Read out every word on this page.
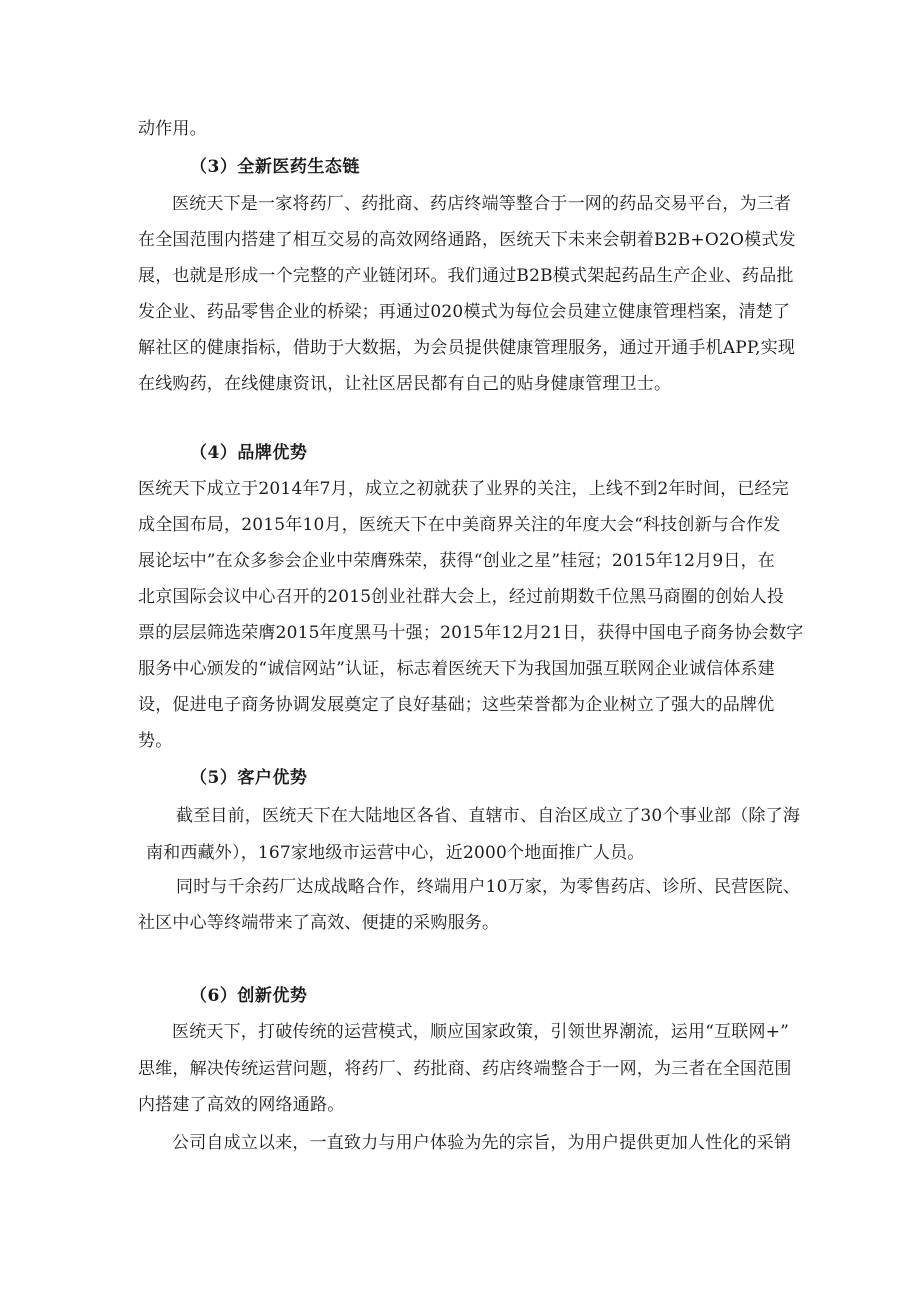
动作用。
（3）全新医药生态链
医统天下是一家将药厂、药批商、药店终端等整合于一网的药品交易平台，为三者
在全国范围内搭建了相互交易的高效网络通路，医统天下未来会朝着B2B+O2O模式发
展，也就是形成一个完整的产业链闭环。我们通过B2B模式架起药品生产企业、药品批
发企业、药品零售企业的桥梁；再通过020模式为每位会员建立健康管理档案，清楚了
解社区的健康指标，借助于大数据，为会员提供健康管理服务，通过开通手机APP,实现
在线购药，在线健康资讯，让社区居民都有自己的贴身健康管理卫士。
（4）品牌优势
医统天下成立于2014年7月，成立之初就获了业界的关注，上线不到2年时间，已经完
成全国布局，2015年10月，医统天下在中美商界关注的年度大会“科技创新与合作发
展论坛中”在众多参会企业中荣膺殊荣，获得“创业之星”桂冠；2015年12月9日，在
北京国际会议中心召开的2015创业社群大会上，经过前期数千位黑马商圈的创始人投
票的层层筛选荣膺2015年度黑马十强；2015年12月21日，获得中国电子商务协会数字
服务中心颁发的“诚信网站”认证，标志着医统天下为我国加强互联网企业诚信体系建
设，促进电子商务协调发展奠定了良好基础；这些荣誉都为企业树立了强大的品牌优
势。
（5）客户优势
截至目前，医统天下在大陆地区各省、直辖市、自治区成立了30个事业部（除了海
南和西藏外），167家地级市运营中心，近2000个地面推广人员。
同时与千余药厂达成战略合作，终端用户10万家，为零售药店、诊所、民营医院、
社区中心等终端带来了高效、便捷的采购服务。
（6）创新优势
医统天下，打破传统的运营模式，顺应国家政策，引领世界潮流，运用“互联网+”
思维，解决传统运营问题，将药厂、药批商、药店终端整合于一网，为三者在全国范围
内搭建了高效的网络通路。
公司自成立以来，一直致力与用户体验为先的宗旨，为用户提供更加人性化的采销
